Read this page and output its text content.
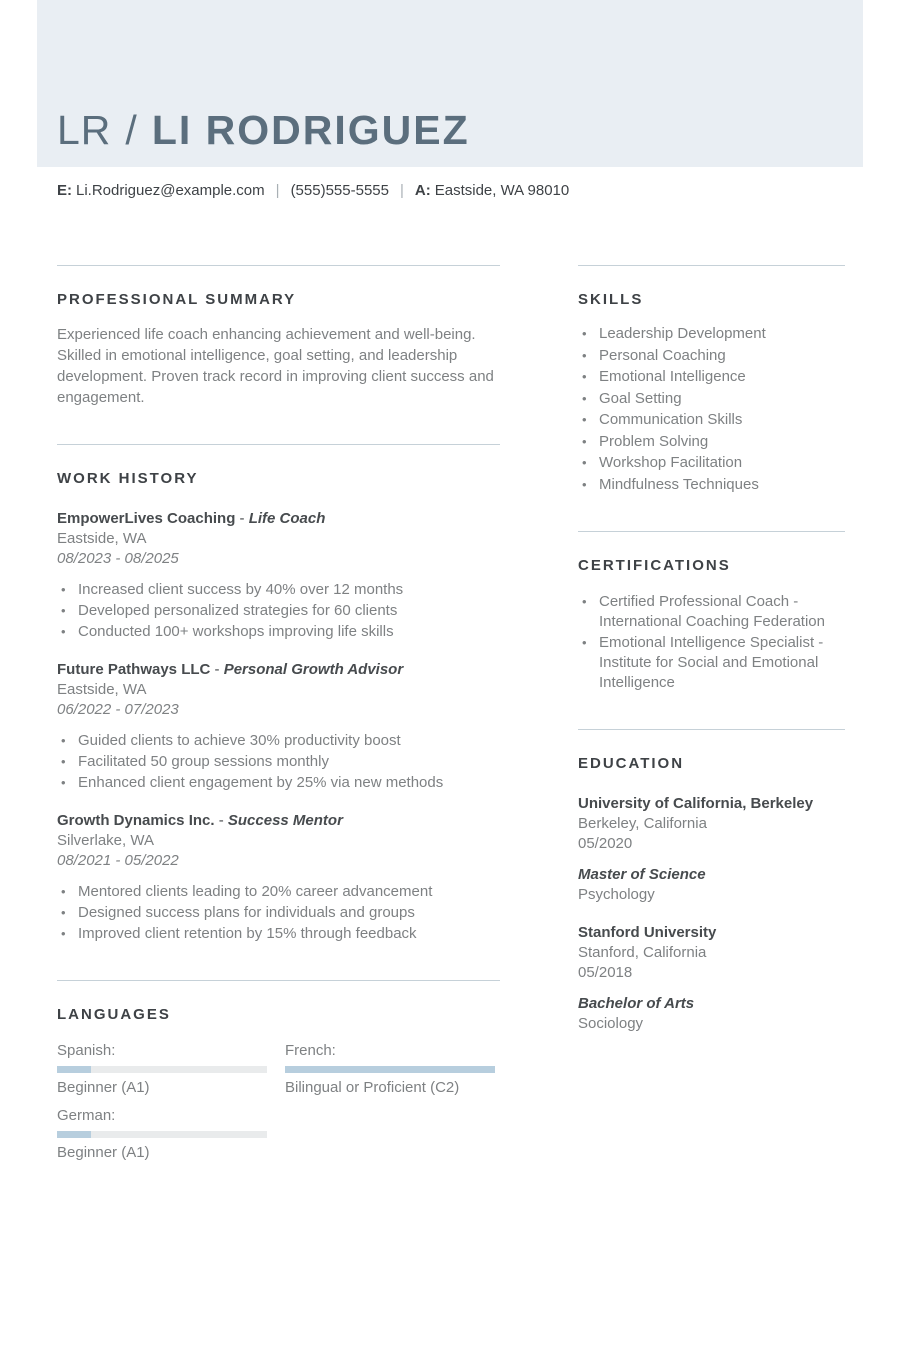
LR / LI RODRIGUEZ
E: Li.Rodriguez@example.com | (555)555-5555 | A: Eastside, WA 98010
PROFESSIONAL SUMMARY

Experienced life coach enhancing achievement and well-being. Skilled in emotional intelligence, goal setting, and leadership development. Proven track record in improving client success and engagement.

WORK HISTORY
EmpowerLives Coaching - Life Coach
Eastside, WA
08/2023 - 08/2025
• Increased client success by 40% over 12 months
• Developed personalized strategies for 60 clients
• Conducted 100+ workshops improving life skills
Future Pathways LLC - Personal Growth Advisor
Eastside, WA
06/2022 - 07/2023
• Guided clients to achieve 30% productivity boost
• Facilitated 50 group sessions monthly
• Enhanced client engagement by 25% via new methods
Growth Dynamics Inc. - Success Mentor
Silverlake, WA
08/2021 - 05/2022
• Mentored clients leading to 20% career advancement
• Designed success plans for individuals and groups
• Improved client retention by 15% through feedback
LANGUAGES
Spanish:
Beginner (A1)
French:
Bilingual or Proficient (C2)
German:
Beginner (A1)
SKILLS
• Leadership Development
• Personal Coaching
• Emotional Intelligence
• Goal Setting
• Communication Skills
• Problem Solving
• Workshop Facilitation
• Mindfulness Techniques
CERTIFICATIONS
• Certified Professional Coach - International Coaching Federation
• Emotional Intelligence Specialist - Institute for Social and Emotional Intelligence
EDUCATION
University of California, Berkeley
Berkeley, California
05/2020
Master of Science
Psychology
Stanford University
Stanford, California
05/2018
Bachelor of Arts
Sociology
